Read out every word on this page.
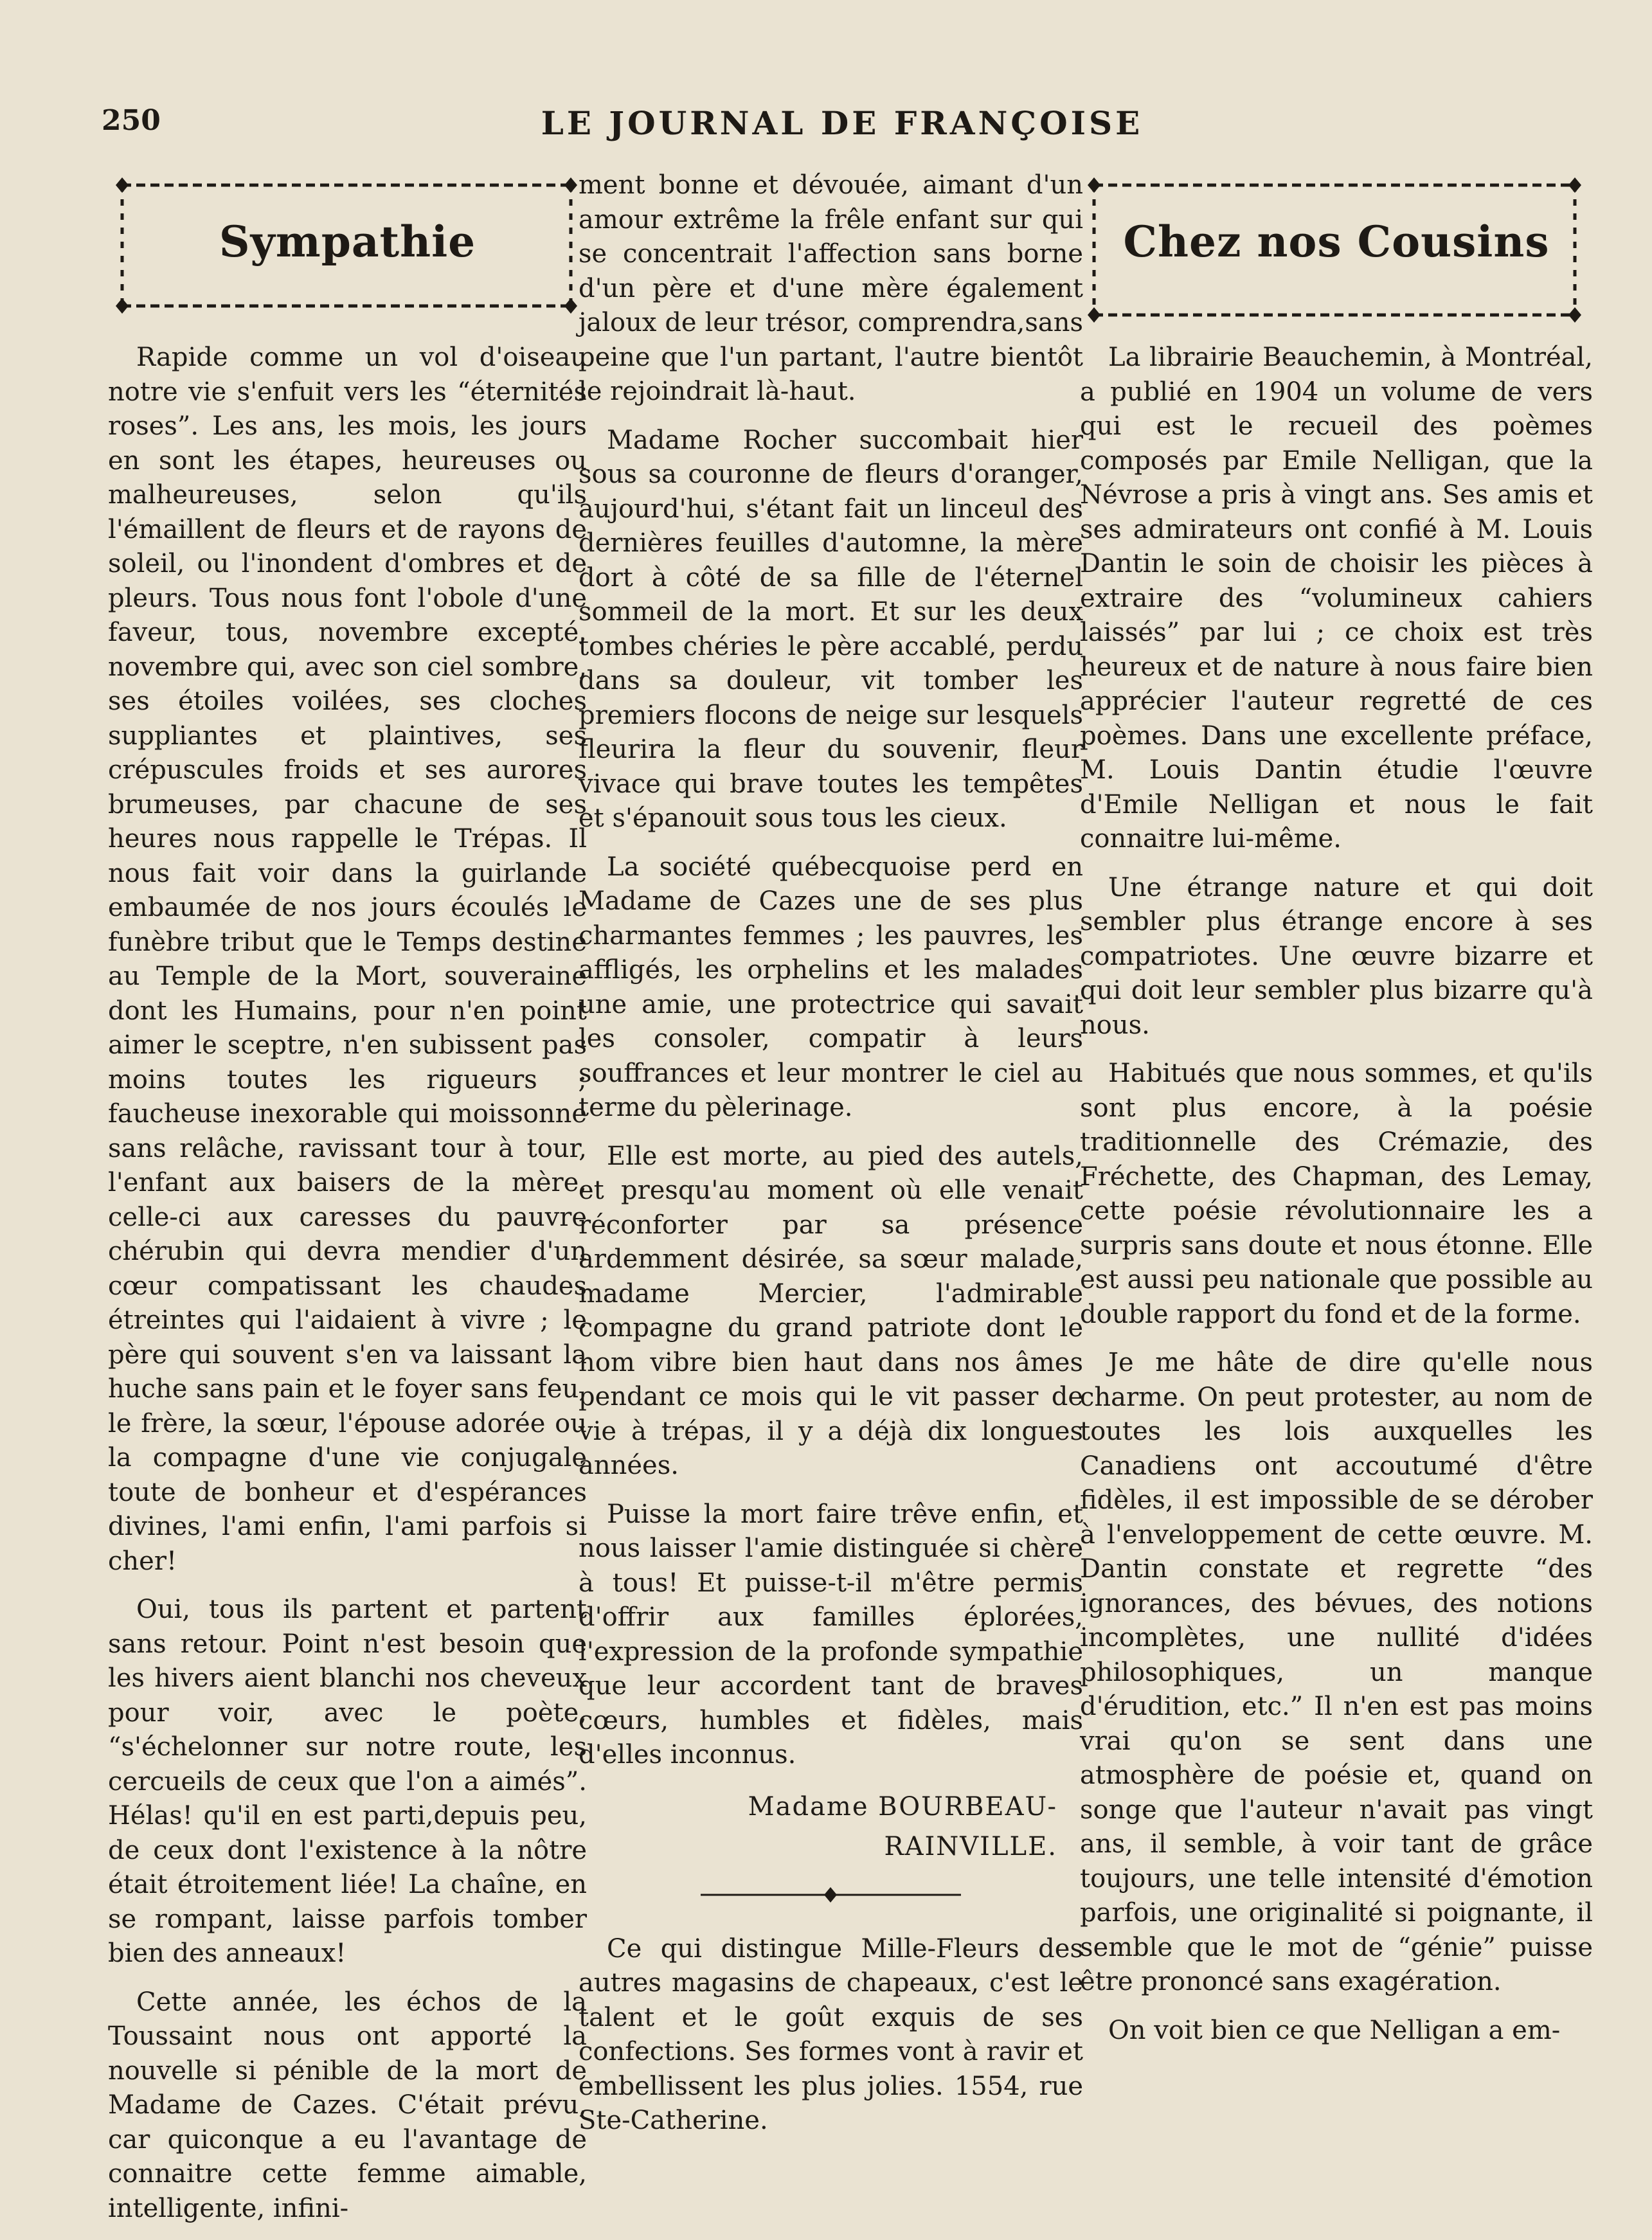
250	LE JOURNAL DE FRANÇOISE
Sympathie

Rapide comme un vol d'oiseau notre vie s'enfuit vers les “éternités roses”. Les ans, les mois, les jours en sont les étapes, heureuses ou malheureuses, selon qu'ils l'émaillent de fleurs et de rayons de soleil, ou l'inondent d'ombres et de pleurs. Tous nous font l'obole d'une faveur, tous, novembre excepté, novembre qui, avec son ciel sombre, ses étoiles voilées, ses cloches suppliantes et plaintives, ses crépuscules froids et ses aurores brumeuses, par chacune de ses heures nous rappelle le Trépas. Il nous fait voir dans la guirlande embaumée de nos jours écoulés le funèbre tribut que le Temps destine au Temple de la Mort, souveraine dont les Humains, pour n'en point aimer le sceptre, n'en subissent pas moins toutes les rigueurs ; faucheuse inexorable qui moissonne sans relâche, ravissant tour à tour, l'enfant aux baisers de la mère, celle-ci aux caresses du pauvre chérubin qui devra mendier d'un cœur compatissant les chaudes étreintes qui l'aidaient à vivre ; le père qui souvent s'en va laissant la huche sans pain et le foyer sans feu, le frère, la sœur, l'épouse adorée ou la compagne d'une vie conjugale toute de bonheur et d'espérances divines, l'ami enfin, l'ami parfois si cher!

Oui, tous ils partent et partent sans retour. Point n'est besoin que les hivers aient blanchi nos cheveux pour voir, avec le poète, “s'échelonner sur notre route, les cercueils de ceux que l'on a aimés”. Hélas! qu'il en est parti,depuis peu, de ceux dont l'existence à la nôtre était étroitement liée! La chaîne, en se rompant, laisse parfois tomber bien des anneaux!

Cette année, les échos de la Toussaint nous ont apporté la nouvelle si pénible de la mort de Madame de Cazes. C'était prévu, car quiconque a eu l'avantage de connaitre cette femme aimable, intelligente, infini-

ment bonne et dévouée, aimant d'un amour extrême la frêle enfant sur qui se concentrait l'affection sans borne d'un père et d'une mère également jaloux de leur trésor, comprendra,sans peine que l'un partant, l'autre bientôt le rejoindrait là-haut.

Madame Rocher succombait hier sous sa couronne de fleurs d'oranger, aujourd'hui, s'étant fait un linceul des dernières feuilles d'automne, la mère dort à côté de sa fille de l'éternel sommeil de la mort. Et sur les deux tombes chéries le père accablé, perdu dans sa douleur, vit tomber les premiers flocons de neige sur lesquels fleurira la fleur du souvenir, fleur vivace qui brave toutes les tempêtes et s'épanouit sous tous les cieux.

La société québecquoise perd en Madame de Cazes une de ses plus charmantes femmes ; les pauvres, les affligés, les orphelins et les malades une amie, une protectrice qui savait les consoler, compatir à leurs souffrances et leur montrer le ciel au terme du pèlerinage.

Elle est morte, au pied des autels, et presqu'au moment où elle venait réconforter par sa présence ardemment désirée, sa sœur malade, madame Mercier, l'admirable compagne du grand patriote dont le nom vibre bien haut dans nos âmes pendant ce mois qui le vit passer de vie à trépas, il y a déjà dix longues années.

Puisse la mort faire trêve enfin, et nous laisser l'amie distinguée si chère à tous! Et puisse-t-il m'être permis d'offrir aux familles éplorées, l'expression de la profonde sympathie que leur accordent tant de braves cœurs, humbles et fidèles, mais d'elles inconnus.

Madame BOURBEAU-
RAINVILLE.

Ce qui distingue Mille-Fleurs des autres magasins de chapeaux, c'est le talent et le goût exquis de ses confections. Ses formes vont à ravir et embellissent les plus jolies. 1554, rue Ste-Catherine.

Chez nos Cousins

La librairie Beauchemin, à Montréal, a publié en 1904 un volume de vers qui est le recueil des poèmes composés par Emile Nelligan, que la Névrose a pris à vingt ans. Ses amis et ses admirateurs ont confié à M. Louis Dantin le soin de choisir les pièces à extraire des “volumineux cahiers laissés” par lui ; ce choix est très heureux et de nature à nous faire bien apprécier l'auteur regretté de ces poèmes. Dans une excellente préface, M. Louis Dantin étudie l'œuvre d'Emile Nelligan et nous le fait connaitre lui-même.

Une étrange nature et qui doit sembler plus étrange encore à ses compatriotes. Une œuvre bizarre et qui doit leur sembler plus bizarre qu'à nous.

Habitués que nous sommes, et qu'ils sont plus encore, à la poésie traditionnelle des Crémazie, des Fréchette, des Chapman, des Lemay, cette poésie révolutionnaire les a surpris sans doute et nous étonne. Elle est aussi peu nationale que possible au double rapport du fond et de la forme.

Je me hâte de dire qu'elle nous charme. On peut protester, au nom de toutes les lois auxquelles les Canadiens ont accoutumé d'être fidèles, il est impossible de se dérober à l'enveloppement de cette œuvre. M. Dantin constate et regrette “des ignorances, des bévues, des notions incomplètes, une nullité d'idées philosophiques, un manque d'érudition, etc.” Il n'en est pas moins vrai qu'on se sent dans une atmosphère de poésie et, quand on songe que l'auteur n'avait pas vingt ans, il semble, à voir tant de grâce toujours, une telle intensité d'émotion parfois, une originalité si poignante, il semble que le mot de “génie” puisse être prononcé sans exagération.

On voit bien ce que Nelligan a em-
